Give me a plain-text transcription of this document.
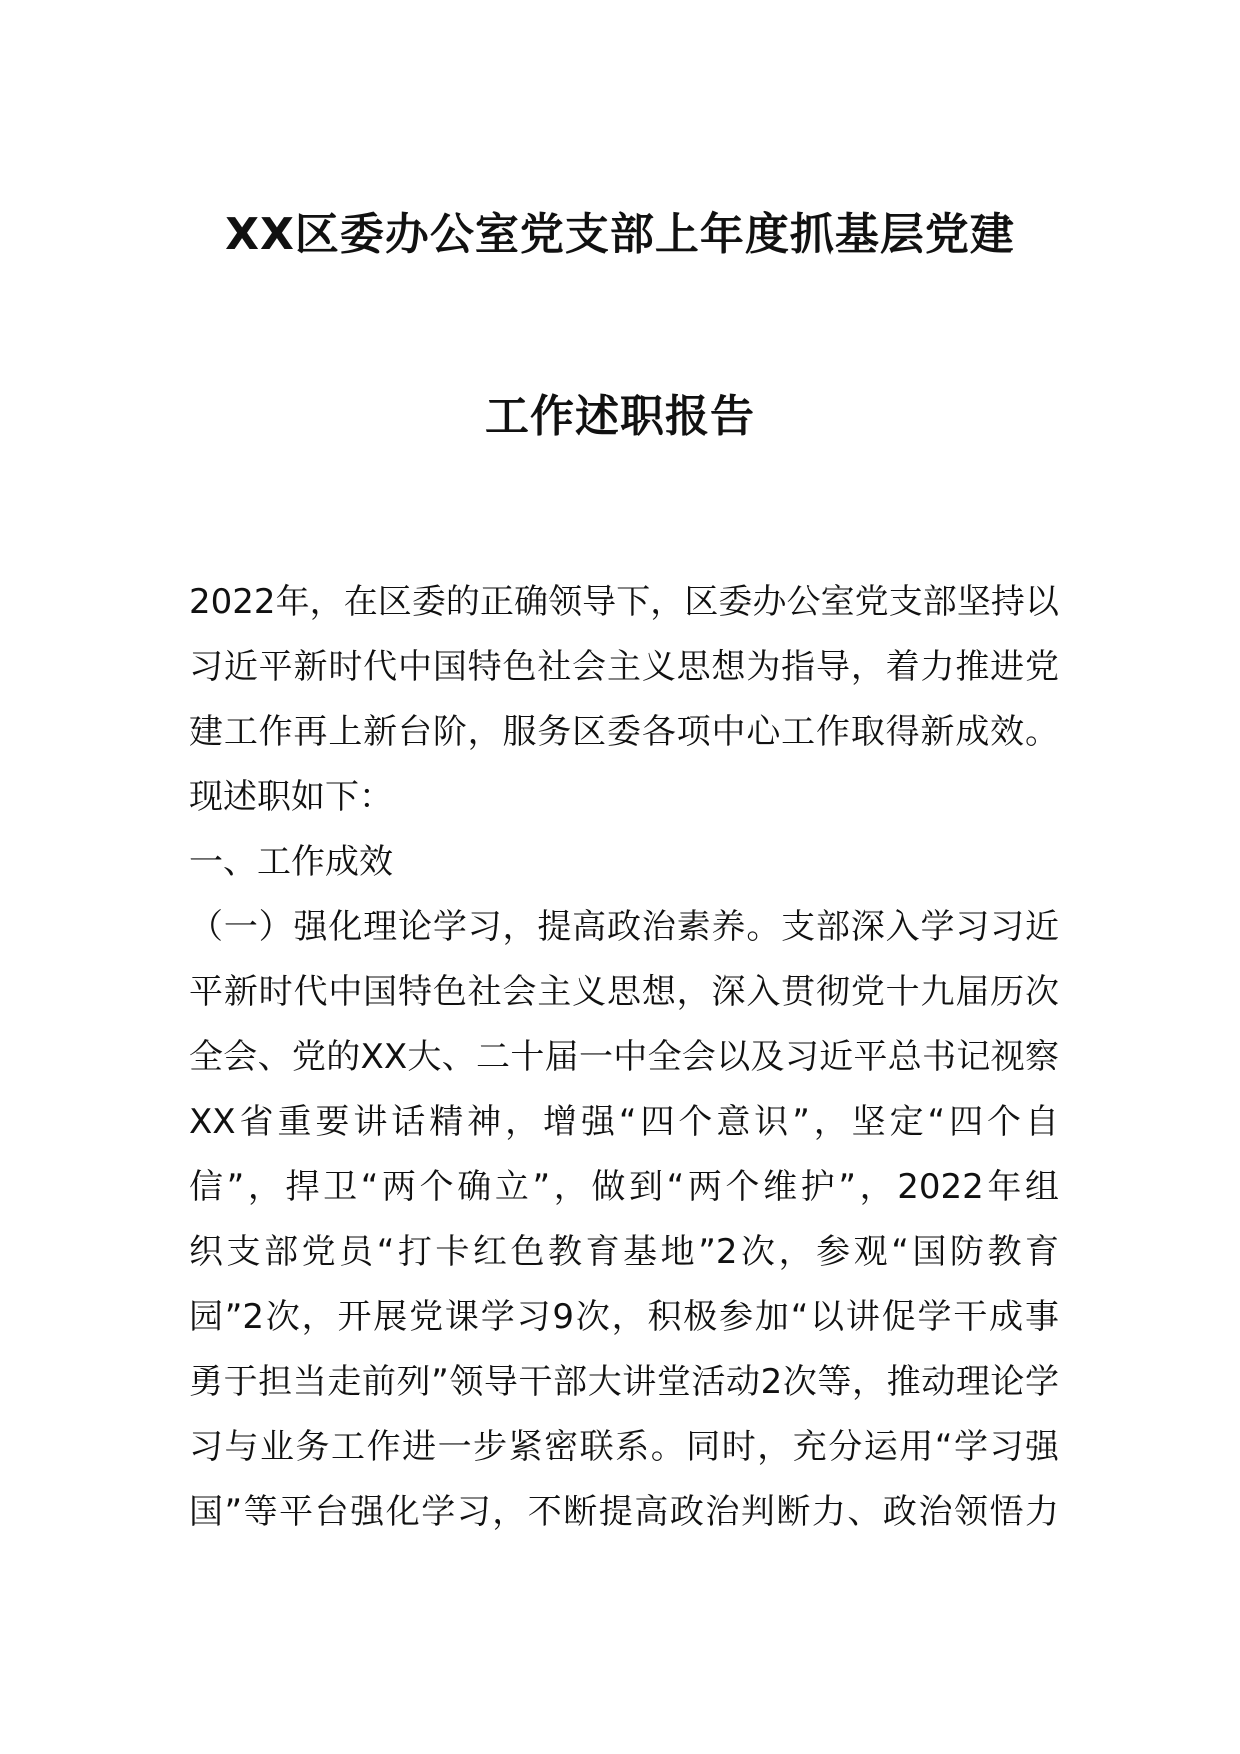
XX区委办公室党支部上年度抓基层党建
工作述职报告
2022年，在区委的正确领导下，区委办公室党支部坚持以
习近平新时代中国特色社会主义思想为指导，着力推进党
建工作再上新台阶，服务区委各项中心工作取得新成效。
现述职如下：
一、工作成效
（一）强化理论学习，提高政治素养。支部深入学习习近
平新时代中国特色社会主义思想，深入贯彻党十九届历次
全会、党的XX大、二十届一中全会以及习近平总书记视察
XX省重要讲话精神，增强“四个意识”，坚定“四个自
信”，捍卫“两个确立”，做到“两个维护”，2022年组
织支部党员“打卡红色教育基地”2次，参观“国防教育
园”2次，开展党课学习9次，积极参加“以讲促学干成事
勇于担当走前列”领导干部大讲堂活动2次等，推动理论学
习与业务工作进一步紧密联系。同时，充分运用“学习强
国”等平台强化学习，不断提高政治判断力、政治领悟力
